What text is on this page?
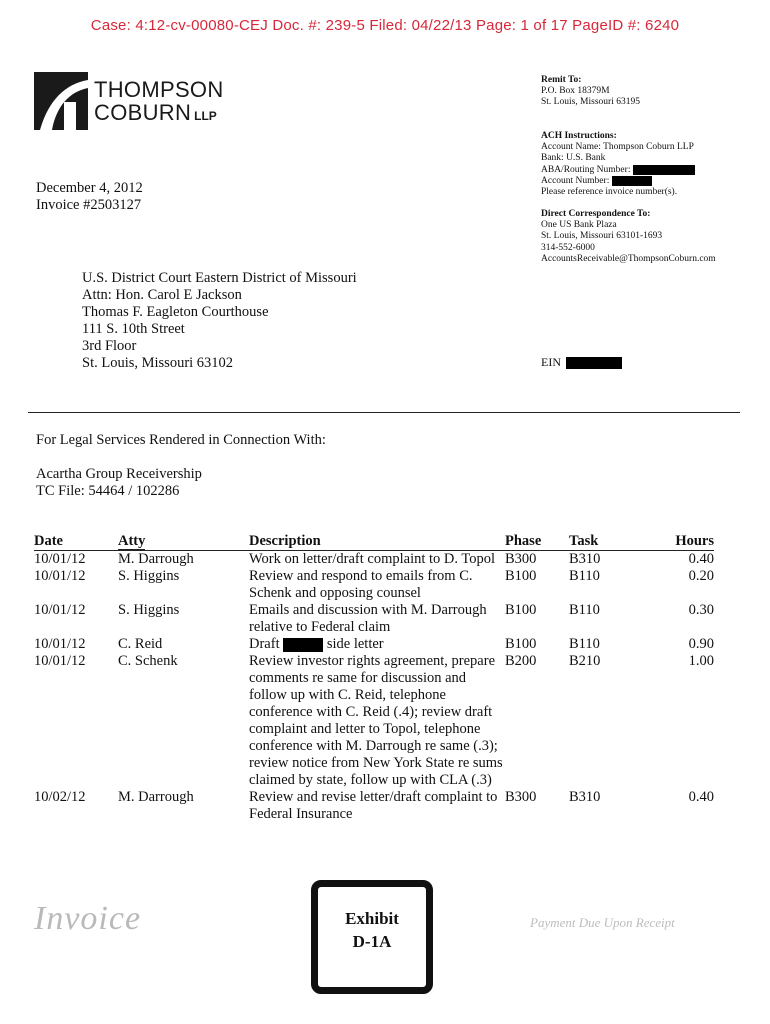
Case: 4:12-cv-00080-CEJ Doc. #: 239-5 Filed: 04/22/13 Page: 1 of 17 PageID #: 6240
THOMPSON
COBURN LLP
Remit To:
P.O. Box 18379M
St. Louis, Missouri 63195
ACH Instructions:
Account Name: Thompson Coburn LLP
Bank: U.S. Bank
ABA/Routing Number:
Account Number:
Please reference invoice number(s).
Direct Correspondence To:
One US Bank Plaza
St. Louis, Missouri 63101-1693
314-552-6000
AccountsReceivable@ThompsonCoburn.com
December 4, 2012
Invoice #2503127
U.S. District Court Eastern District of Missouri
Attn: Hon. Carol E Jackson
Thomas F. Eagleton Courthouse
111 S. 10th Street
3rd Floor
St. Louis, Missouri 63102	EIN
For Legal Services Rendered in Connection With:
Acartha Group Receivership
TC File: 54464 / 102286
Date	Atty	Description	Phase	Task	Hours
10/01/12	M. Darrough	Work on letter/draft complaint to D. Topol	B300	B310	0.40
10/01/12	S. Higgins	Review and respond to emails from C. Schenk and opposing counsel	B100	B110	0.20
10/01/12	S. Higgins	Emails and discussion with M. Darrough relative to Federal claim	B100	B110	0.30
10/01/12	C. Reid	Draft side letter	B100	B110	0.90
10/01/12	C. Schenk	Review investor rights agreement, prepare comments re same for discussion and follow up with C. Reid, telephone conference with C. Reid (.4); review draft complaint and letter to Topol, telephone conference with M. Darrough re same (.3); review notice from New York State re sums claimed by state, follow up with CLA (.3)	B200	B210	1.00
10/02/12	M. Darrough	Review and revise letter/draft complaint to Federal Insurance	B300	B310	0.40
Invoice	Exhibit
D-1A
Payment Due Upon Receipt
